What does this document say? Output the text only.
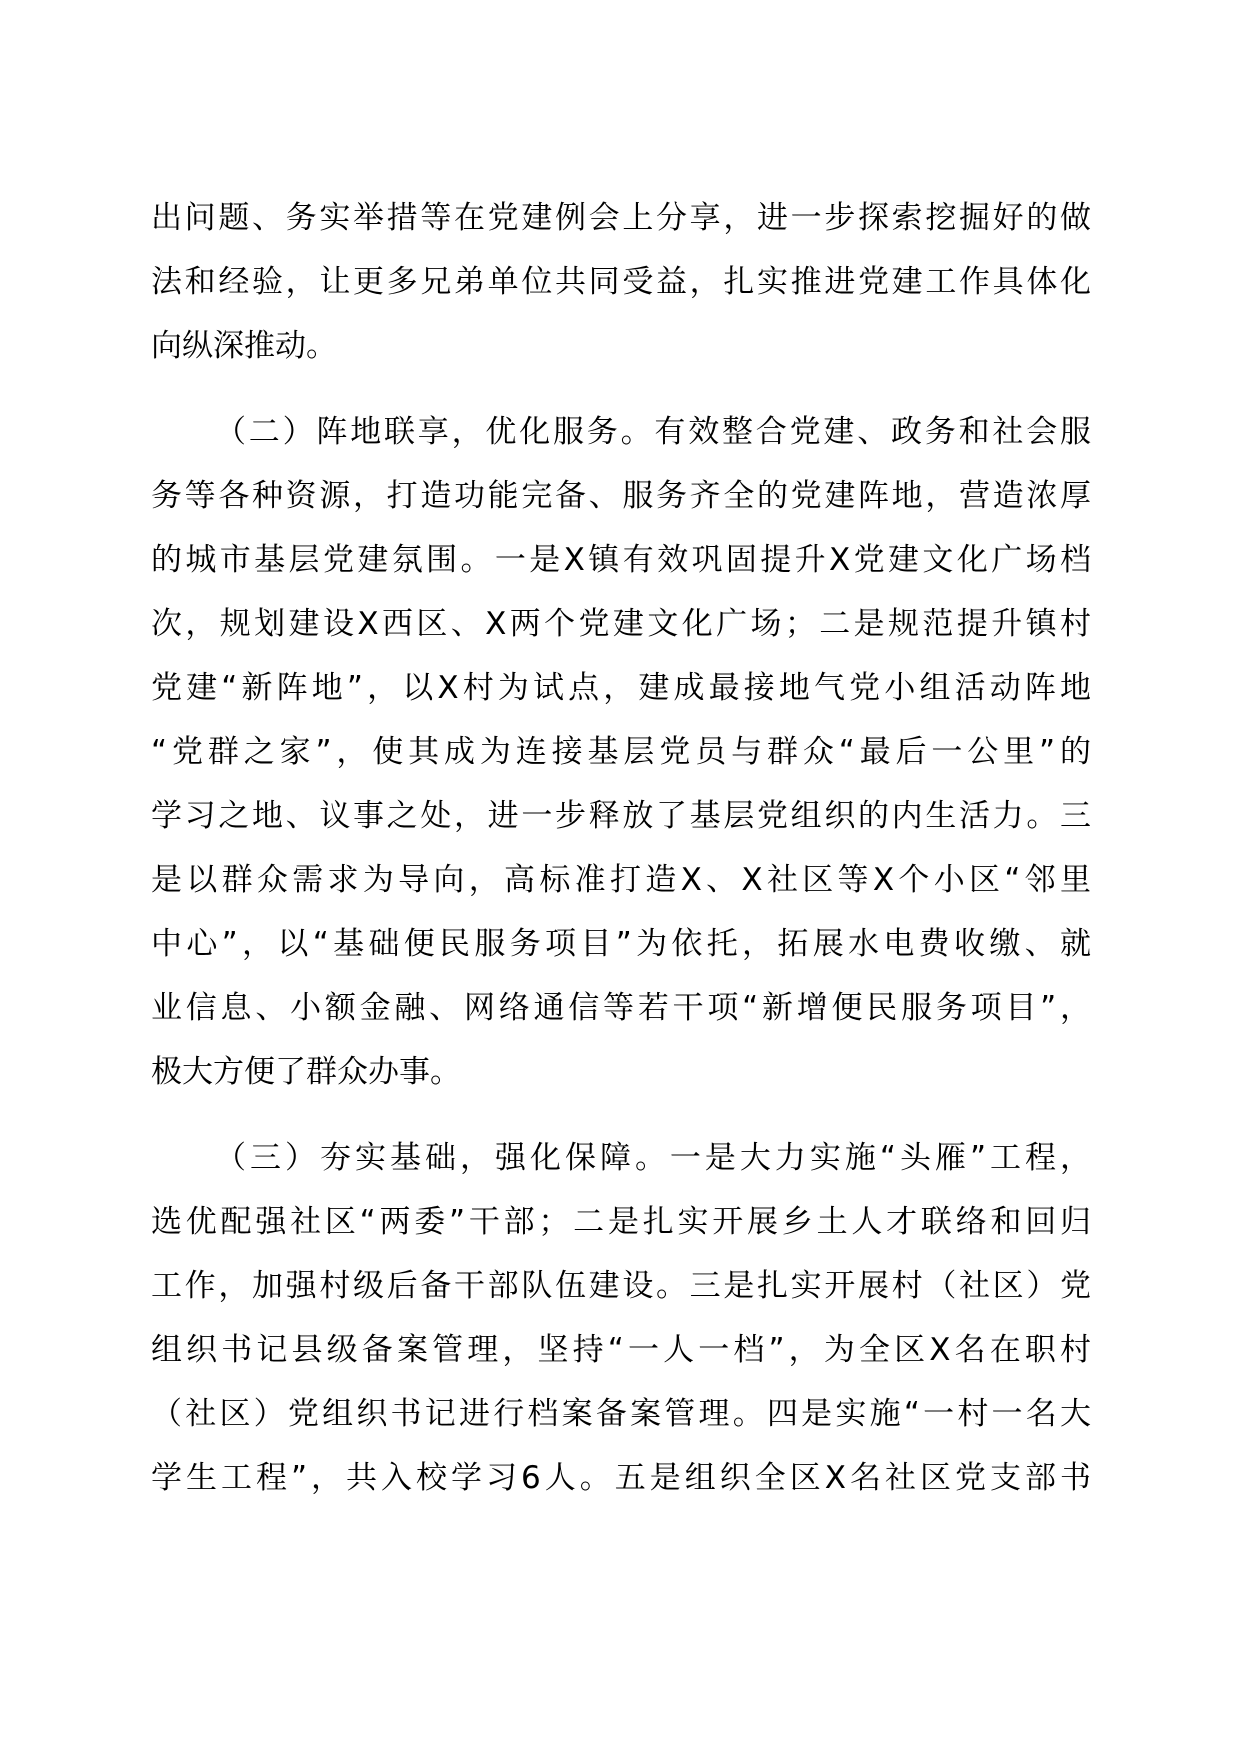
出问题、务实举措等在党建例会上分享，进一步探索挖掘好的做
法和经验，让更多兄弟单位共同受益，扎实推进党建工作具体化
向纵深推动。
（二）阵地联享，优化服务。有效整合党建、政务和社会服
务等各种资源，打造功能完备、服务齐全的党建阵地，营造浓厚
的城市基层党建氛围。一是X镇有效巩固提升X党建文化广场档
次，规划建设X西区、X两个党建文化广场；二是规范提升镇村
党建“新阵地”，以X村为试点，建成最接地气党小组活动阵地
“党群之家”，使其成为连接基层党员与群众“最后一公里”的
学习之地、议事之处，进一步释放了基层党组织的内生活力。三
是以群众需求为导向，高标准打造X、X社区等X个小区“邻里
中心”，以“基础便民服务项目”为依托，拓展水电费收缴、就
业信息、小额金融、网络通信等若干项“新增便民服务项目”，
极大方便了群众办事。
（三）夯实基础，强化保障。一是大力实施“头雁”工程，
选优配强社区“两委”干部；二是扎实开展乡土人才联络和回归
工作，加强村级后备干部队伍建设。三是扎实开展村（社区）党
组织书记县级备案管理，坚持“一人一档”，为全区X名在职村
（社区）党组织书记进行档案备案管理。四是实施“一村一名大
学生工程”，共入校学习6人。五是组织全区X名社区党支部书
